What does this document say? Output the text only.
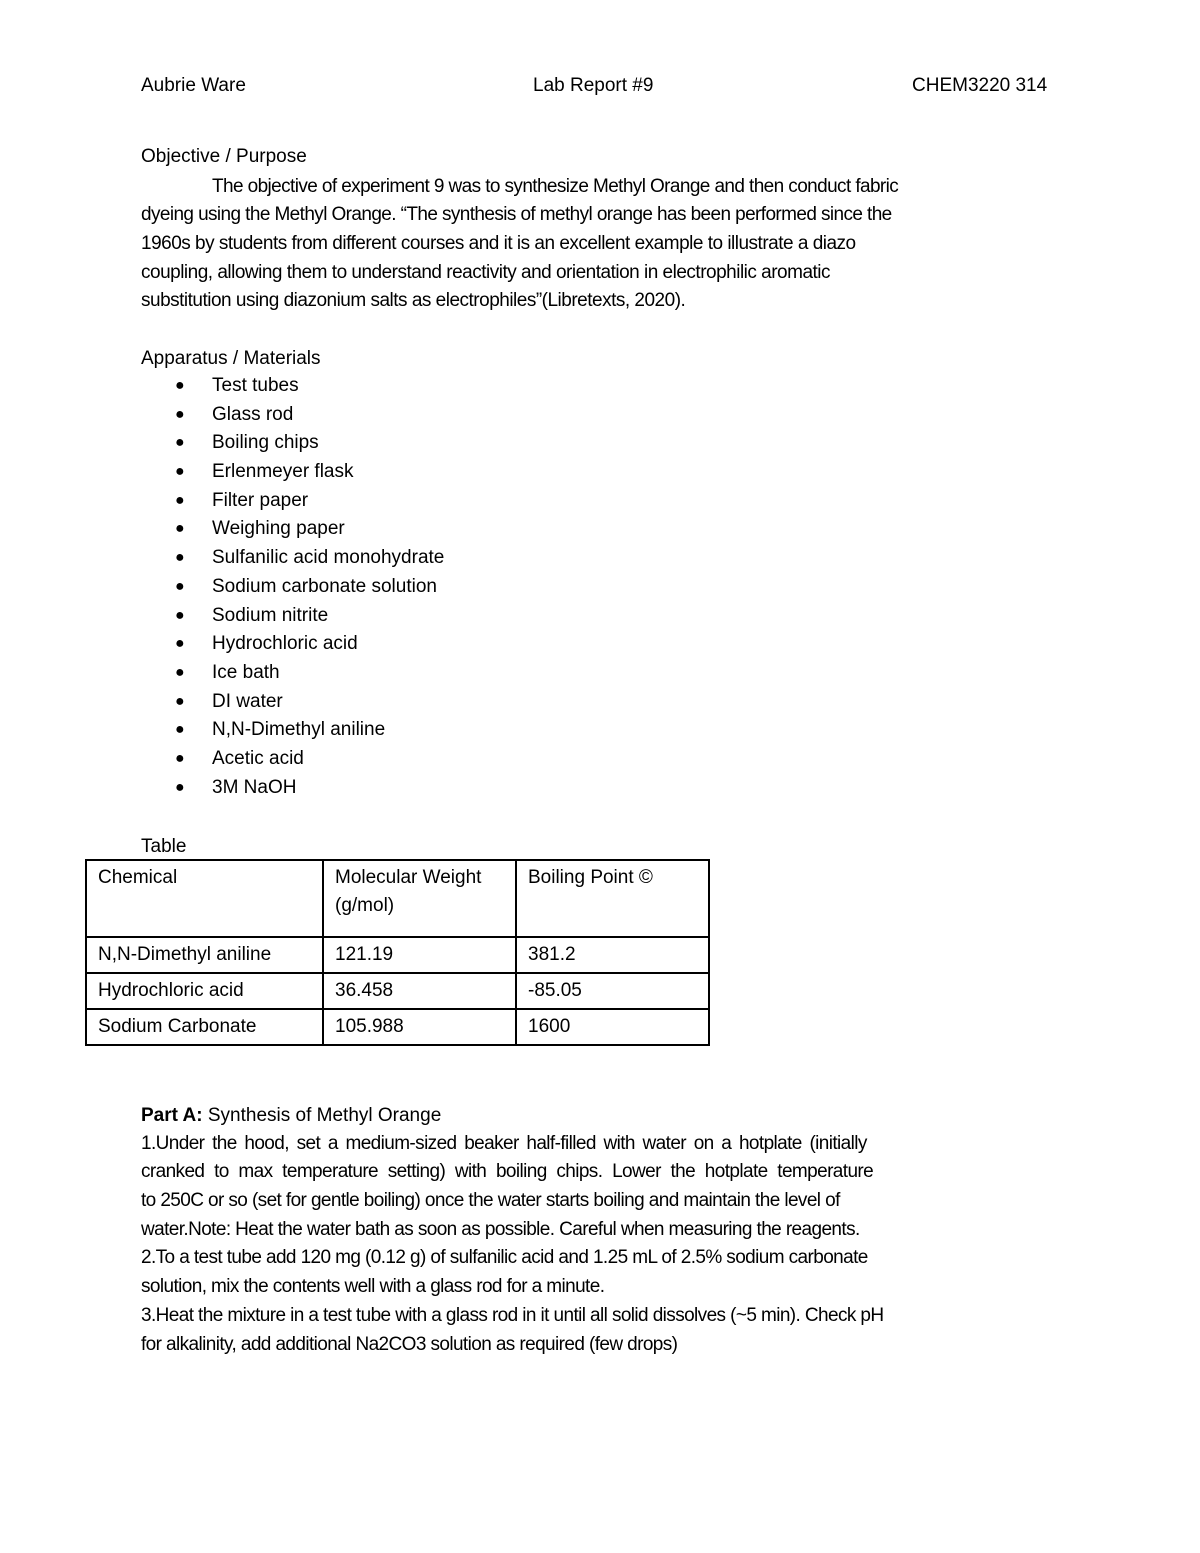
Aubrie Ware	Lab Report #9	CHEM3220 314
Objective / Purpose
The objective of experiment 9 was to synthesize Methyl Orange and then conduct fabric
dyeing using the Methyl Orange. “The synthesis of methyl orange has been performed since the
1960s by students from different courses and it is an excellent example to illustrate a diazo
coupling, allowing them to understand reactivity and orientation in electrophilic aromatic
substitution using diazonium salts as electrophiles”(Libretexts, 2020).
Apparatus / Materials
● Test tubes
● Glass rod
● Boiling chips
● Erlenmeyer flask
● Filter paper
● Weighing paper
● Sulfanilic acid monohydrate
● Sodium carbonate solution
● Sodium nitrite
● Hydrochloric acid
● Ice bath
● DI water
● N,N-Dimethyl aniline
● Acetic acid
● 3M NaOH
Table
Chemical	Molecular Weight (g/mol)	Boiling Point ©
N,N-Dimethyl aniline	121.19	381.2
Hydrochloric acid	36.458	-85.05
Sodium Carbonate	105.988	1600
Part A: Synthesis of Methyl Orange
1.Under the hood, set a medium-sized beaker half-filled with water on a hotplate (initially
cranked to max temperature setting) with boiling chips. Lower the hotplate temperature
to 250C or so (set for gentle boiling) once the water starts boiling and maintain the level of
water.Note: Heat the water bath as soon as possible. Careful when measuring the reagents.
2.To a test tube add 120 mg (0.12 g) of sulfanilic acid and 1.25 mL of 2.5% sodium carbonate
solution, mix the contents well with a glass rod for a minute.
3.Heat the mixture in a test tube with a glass rod in it until all solid dissolves (~5 min). Check pH
for alkalinity, add additional Na2CO3 solution as required (few drops)
